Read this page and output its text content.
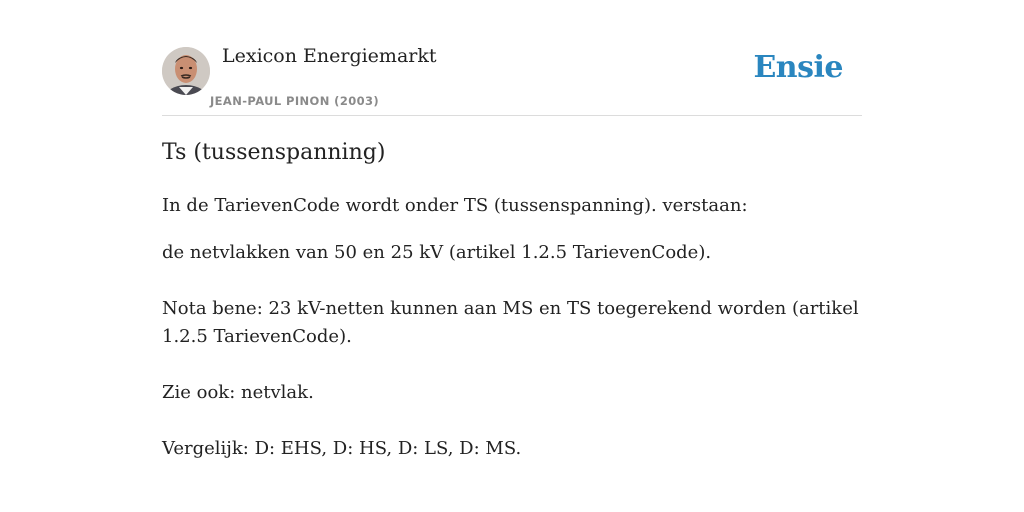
Lexicon Energiemarkt
JEAN-PAUL PINON (2003)
Ensie
Ts (tussenspanning)

In de TarievenCode wordt onder TS (tussenspanning). verstaan:

de netvlakken van 50 en 25 kV (artikel 1.2.5 TarievenCode).

Nota bene: 23 kV-netten kunnen aan MS en TS toegerekend worden (artikel 1.2.5 TarievenCode).

Zie ook: netvlak.

Vergelijk: D: EHS, D: HS, D: LS, D: MS.
